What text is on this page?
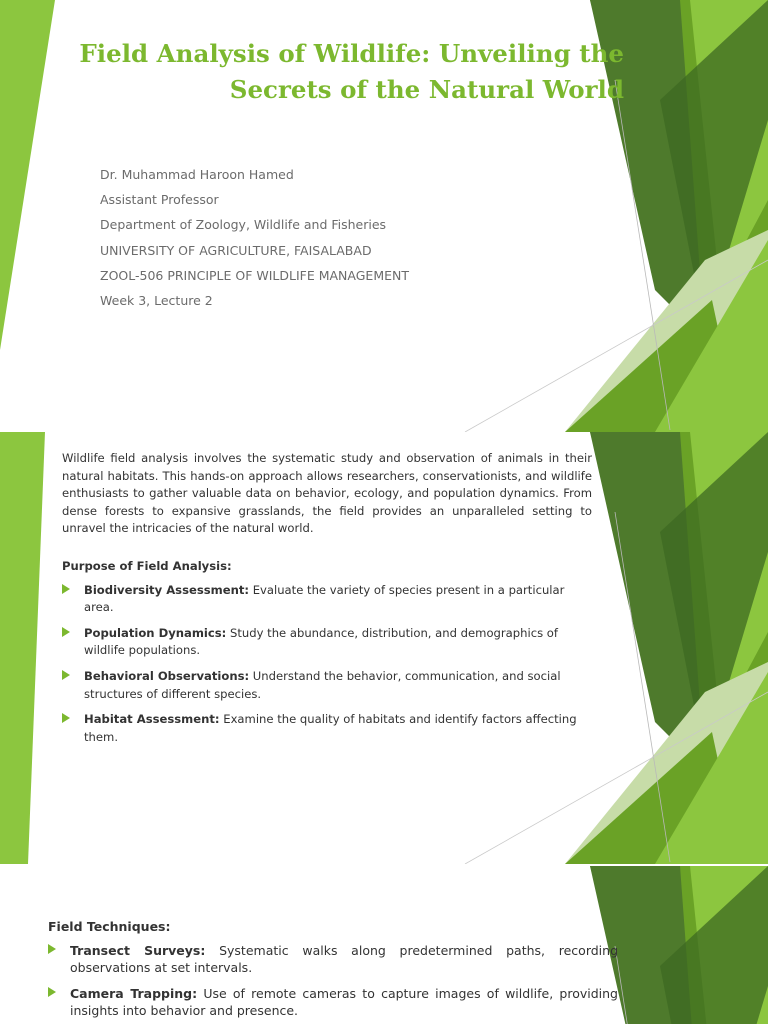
Field Analysis of Wildlife: Unveiling the Secrets of the Natural World
Dr. Muhammad Haroon Hamed
Assistant Professor
Department of Zoology, Wildlife and Fisheries
UNIVERSITY OF AGRICULTURE, FAISALABAD
ZOOL-506 PRINCIPLE OF WILDLIFE MANAGEMENT
Week 3, Lecture 2

Wildlife field analysis involves the systematic study and observation of animals in their natural habitats. This hands-on approach allows researchers, conservationists, and wildlife enthusiasts to gather valuable data on behavior, ecology, and population dynamics. From dense forests to expansive grasslands, the field provides an unparalleled setting to unravel the intricacies of the natural world.

Purpose of Field Analysis:
Biodiversity Assessment: Evaluate the variety of species present in a particular area.
Population Dynamics: Study the abundance, distribution, and demographics of wildlife populations.
Behavioral Observations: Understand the behavior, communication, and social structures of different species.
Habitat Assessment: Examine the quality of habitats and identify factors affecting them.
Field Techniques:
Transect Surveys: Systematic walks along predetermined paths, recording observations at set intervals.
Camera Trapping: Use of remote cameras to capture images of wildlife, providing insights into behavior and presence.
